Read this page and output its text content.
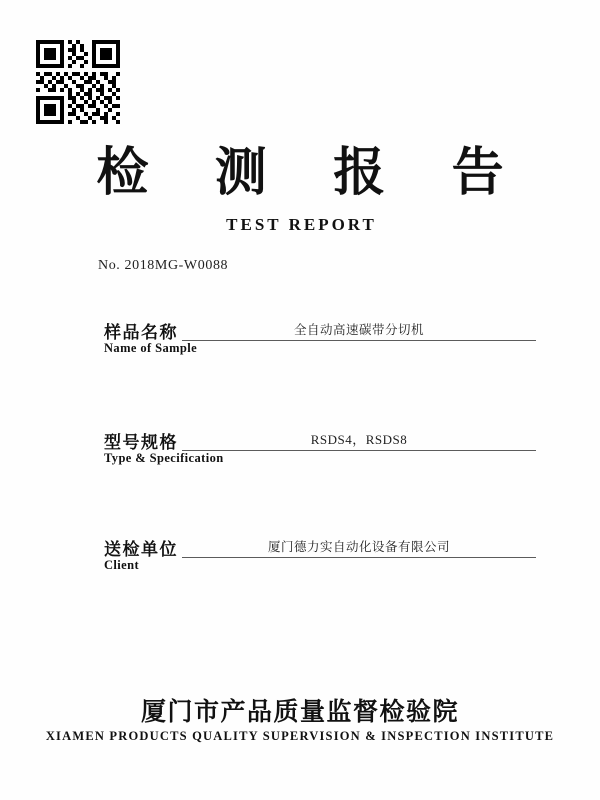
检 测 报 告
TEST REPORT
No. 2018MG-W0088
样品名称
Name of Sample
全自动高速碳带分切机
型号规格
Type & Specification
RSDS4，RSDS8
送检单位
Client
厦门德力实自动化设备有限公司
厦门市产品质量监督检验院
XIAMEN PRODUCTS QUALITY SUPERVISION & INSPECTION INSTITUTE
